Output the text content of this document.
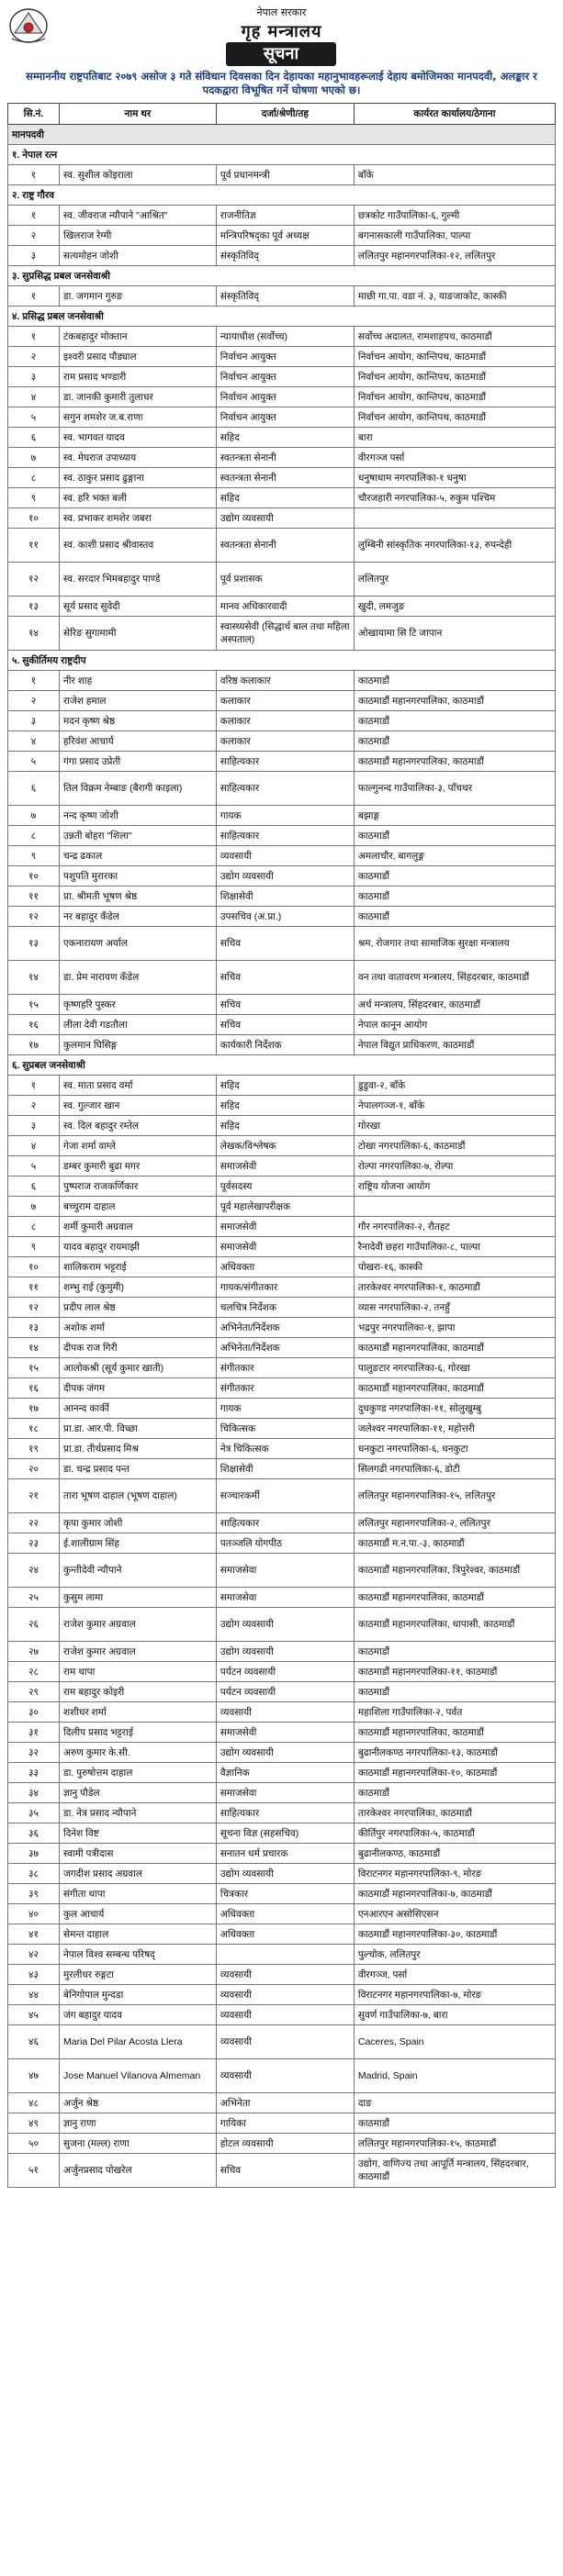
नेपाल सरकार
गृह मन्त्रालय
सूचना
सम्माननीय राष्ट्रपतिबाट २०७९ असोज ३ गते संविधान दिवसका दिन देहायका महानुभावहरूलाई देहाय बमोजिमका मानपदवी, अलङ्कार र पदकद्वारा विभूषित गर्ने घोषणा भएको छ।
सि.नं.	नाम थर	दर्जा/श्रेणी/तह	कार्यरत कार्यालय/ठेगाना
मानपदवी			
१. नेपाल रत्न			
१	स्व. सुशील कोइराला	पूर्व प्रधानमन्त्री	बाँके
२. राष्ट्र गौरव			
१	स्व. जीवराज न्यौपाने "आश्रित"	राजनीतिज्ञ	छत्रकोट गाउँपालिका-६, गुल्मी
२	खिलराज रेग्मी	मन्त्रिपरिषद्का पूर्व अध्यक्ष	बगनासकाली गाउँपालिका, पाल्पा
३	सत्यमोहन जोशी	संस्कृतिविद्	ललितपुर महानगरपालिका-१२, ललितपुर
३. सुप्रसिद्ध प्रबल जनसेवाश्री			
१	डा. जगमान गुरुङ	संस्कृतिविद्	माछी गा.पा. वडा नं. ३, याङजाकोट, कास्की
४. प्रसिद्ध प्रबल जनसेवाश्री			
१	टंकबहादुर मोक्तान	न्यायाधीश (सर्वोच्च)	सर्वोच्च अदालत, रामशाहपथ, काठमाडौं
२	इश्वरी प्रसाद पौड्याल	निर्वाचन आयुक्त	निर्वाचन आयोग, कान्तिपथ, काठमाडौं
३	राम प्रसाद भण्डारी	निर्वाचन आयुक्त	निर्वाचन आयोग, कान्तिपथ, काठमाडौं
४	डा. जानकी कुमारी तुलाधर	निर्वाचन आयुक्त	निर्वाचन आयोग, कान्तिपथ, काठमाडौं
५	सगुन शमशेर ज.ब.राणा	निर्वाचन आयुक्त	निर्वाचन आयोग, कान्तिपथ, काठमाडौं
६	स्व. भागवत यादव	सहिद	बारा
७	स्व. मेघराज उपाध्याय	स्वतन्त्रता सेनानी	वीरगञ्ज पर्सा
८	स्व. ठाकुर प्रसाद ढुङ्गाना	स्वतन्त्रता सेनानी	धनुषाधाम नगरपालिका-१ धनुषा
९	स्व. हरि भक्त बली	सहिद	चौरजहारी नगरपालिका-५, रुकुम पश्चिम
१०	स्व. प्रभाकर शमशेर जबरा	उद्योग व्यवसायी	
११	स्व. काशी प्रसाद श्रीवास्तव	स्वतन्त्रता सेनानी	लुम्बिनी सांस्कृतिक नगरपालिका-१३, रुपन्देही
१२	स्व. सरदार भिमबहादुर पाण्डे	पूर्व प्रशासक	ललितपुर
१३	सूर्य प्रसाद सुवेदी	मानव अधिकारवादी	खुदी, लमजुङ
१४	सेरिङ सुगामामी	स्वास्थ्यसेवी (सिद्धार्थ बाल तथा महिला अस्पताल)	ओखायामा सि टि जापान
५. सुकीर्तिमय राष्ट्रदीप			
१	नीर शाह	वरिष्ठ कलाकार	काठमाडौं
२	राजेश हमाल	कलाकार	काठमाडौं महानगरपालिका, काठमाडौं
३	मदन कृष्ण श्रेष्ठ	कलाकार	काठमाडौं
४	हरिवंश आचार्य	कलाकार	काठमाडौं
५	गंगा प्रसाद उप्रेती	साहित्यकार	काठमाडौं महानगरपालिका, काठमाडौं
६	तिल विक्रम नेम्बाङ (बैरागी काइला)	साहित्यकार	फाल्गुनन्द गाउँपालिका-३, पाँचथर
७	नन्द कृष्ण जोशी	गायक	बझाङ्ग
८	उन्नती बोहरा "शिला"	साहित्यकार	काठमाडौं
९	चन्द्र ढकाल	व्यवसायी	अमलाचौर, बागलुङ्ग
१०	पशुपति मुरारका	उद्योग व्यवसायी	काठमाडौं
११	प्रा. श्रीमती भूषण श्रेष्ठ	शिक्षासेवी	काठमाडौं
१२	नर बहादुर कँडेल	उपसचिव (अ.प्रा.)	काठमाडौं
१३	एकनारायण अर्याल	सचिव	श्रम, रोजगार तथा सामाजिक सुरक्षा मन्त्रालय
१४	डा. प्रेम नारायण कँडेल	सचिव	वन तथा वातावरण मन्त्रालय, सिंहदरबार, काठमाडौं
१५	कृष्णहरि पुस्कर	सचिव	अर्थ मन्त्रालय, सिंहदरबार, काठमाडौं
१६	लीला देवी गडतौला	सचिव	नेपाल कानून आयोग
१७	कुलमान घिसिङ्ग	कार्यकारी निर्देशक	नेपाल विद्युत प्राधिकरण, काठमाडौं
६. सुप्रबल जनसेवाश्री			
१	स्व. माता प्रसाद वर्मा	सहिद	डुडुवा-२, बाँके
२	स्व. गुल्जार खान	सहिद	नेपालगञ्ज-१, बाँके
३	स्व. दिल बहादुर रम्तेल	सहिद	गोरखा
४	गेजा शर्मा वाग्ले	लेखक/विश्लेषक	टोखा नगरपालिका-६, काठमाडौं
५	डम्बर कुमारी बुढा मगर	समाजसेवी	रोल्पा नगरपालिका-७, रोल्पा
६	पुष्पराज राजकर्णिकार	पूर्वसदस्य	राष्ट्रिय योजना आयोग
७	बच्चुराम दाहाल	पूर्व महालेखापरीक्षक	
८	शर्मी कुमारी अग्रवाल	समाजसेवी	गौर नगरपालिका-२, रौतहट
९	यादव बहादुर रायमाझी	समाजसेवी	रैनादेवी छहरा गाउँपालिका-८, पाल्पा
१०	शालिकराम भट्टराई	अधिवक्ता	पोखरा-१६, कास्की
११	शम्भु राई (कुमुमी)	गायक/संगीतकार	तारकेश्वर नगरपालिका-१, काठमाडौं
१२	प्रदीप लाल श्रेष्ठ	चलचित्र निर्देशक	व्यास नगरपालिका-२, तनहुँ
१३	अशोक शर्मा	अभिनेता/निर्देशक	भद्रपुर नगरपालिका-१, झापा
१४	दीपक राज गिरी	अभिनेता/निर्देशक	काठमाडौं महानगरपालिका, काठमाडौं
१५	आलोकश्री (सूर्य कुमार खाती)	संगीतकार	पालुङटार नगरपालिका-६, गोरखा
१६	दीपक जंगम	संगीतकार	काठमाडौं महानगरपालिका, काठमाडौं
१७	आनन्द कार्की	गायक	दुधकुण्ड नगरपालिका-११, सोलुखुम्बु
१८	प्रा.डा. आर.पी. विच्छा	चिकित्सक	जलेश्वर नगरपालिका-११, महोत्तरी
१९	प्रा.डा. तीर्थप्रसाद मिश्र	नेत्र चिकित्सक	धनकुटा नगरपालिका-६, धनकुटा
२०	डा. चन्द्र प्रसाद पन्त	शिक्षासेवी	सिलगढी नगरपालिका-६, डोटी
२१	तारा भूषण दाहाल (भूषण दाहाल)	सञ्चारकर्मी	ललितपुर महानगरपालिका-१५, ललितपुर
२२	कृपा कुमार जोशी	साहित्यकार	ललितपुर महानगरपालिका-२, ललितपुर
२३	ई.शालीग्राम सिंह	पतञ्जलि योगपीठ	काठमाडौं म.न.पा.-३, काठमाडौं
२४	कुन्तीदेवी न्यौपाने	समाजसेवा	काठमाडौं महानगरपालिका, त्रिपुरेश्वर, काठमाडौं
२५	कुसुम लामा	समाजसेवा	काठमाडौं महानगरपालिका, काठमाडौं
२६	राजेश कुमार अग्रवाल	उद्योग व्यवसायी	काठमाडौं महानगरपालिका, धापासी, काठमाडौं
२७	राजेश कुमार अग्रवाल	उद्योग व्यवसायी	काठमाडौं
२८	राम थापा	पर्यटन व्यवसायी	काठमाडौं महानगरपालिका-११, काठमाडौं
२९	राम बहादुर कोइरी	पर्यटन व्यवसायी	काठमाडौं
३०	शशीधर शर्मा	व्यवसायी	महाशिला गाउँपालिका-२, पर्वत
३१	दिलीप प्रसाद भट्टराई	समाजसेवी	काठमाडौं महानगरपालिका, काठमाडौं
३२	अरुण कुमार के.सी.	उद्योग व्यवसायी	बुढानीलकण्ठ नगरपालिका-१३, काठमाडौं
३३	डा. पुरुषोत्तम दाहाल	वैज्ञानिक	काठमाडौं महानगरपालिका-१०, काठमाडौं
३४	ज्ञानु पौडेल	समाजसेवा	काठमाडौं
३५	डा. नेत्र प्रसाद न्यौपाने	साहित्यकार	तारकेश्वर नगरपालिका, काठमाडौं
३६	दिनेश विष्ट	सूचना विज्ञ (सहसचिव)	कीर्तिपुर नगरपालिका-५, काठमाडौं
३७	स्वामी पत्रीदास	सनातन धर्म प्रचारक	बुढानीलकण्ठ, काठमाडौं
३८	जगदीश प्रसाद अग्रवाल	उद्योग व्यवसायी	विराटनगर महानगरपालिका-९, मोरङ
३९	संगीता थापा	चित्रकार	काठमाडौं महानगरपालिका-७, काठमाडौं
४०	कुल आचार्य	अधिवक्ता	एनआरएन असोसिएसन
४१	सेमन्त दाहाल	अधिवक्ता	काठमाडौं महानगरपालिका-३०, काठमाडौं
४२	नेपाल विश्व सम्बन्ध परिषद्		पुल्चोक, ललितपुर
४३	मुरलीधर रुङ्गटा	व्यवसायी	वीरगञ्ज, पर्सा
४४	बेनिगोपाल मुन्दडा	व्यवसायी	विराटनगर महानगरपालिका-७, मोरङ
४५	जंग बहादुर यादव	व्यवसायी	सुवर्ण गाउँपालिका-७, बारा
४६	Maria Del Pilar Acosta Llera	व्यवसायी	Caceres, Spain
४७	Jose Manuel Vilanova Almeman	व्यवसायी	Madrid, Spain
४८	अर्जुन श्रेष्ठ	अभिनेता	दाङ
४९	ज्ञानु राणा	गायिका	काठमाडौं
५०	सुजना (मल्ल) राणा	होटल व्यवसायी	ललितपुर महानगरपालिका-१५, काठमाडौं
५१	अर्जुनप्रसाद पोखरेल	सचिव	उद्योग, वाणिज्य तथा आपूर्ति मन्त्रालय, सिंहदरबार, काठमाडौं
